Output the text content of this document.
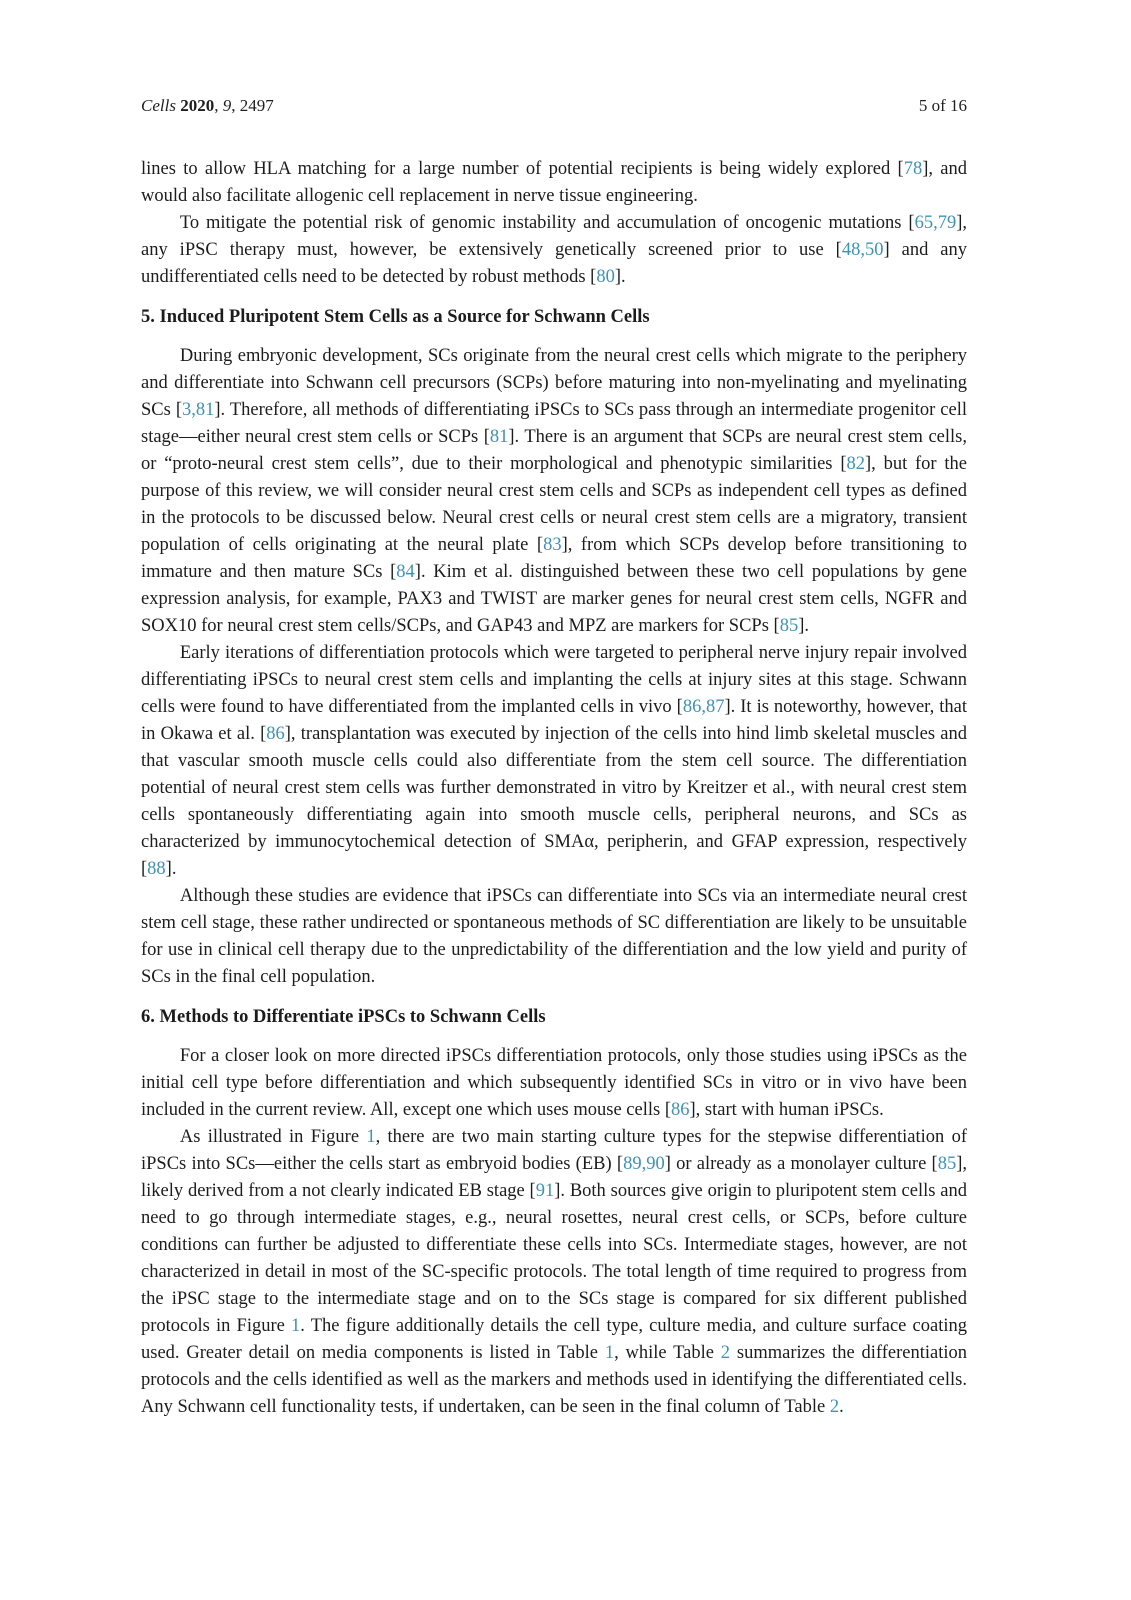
Cells 2020, 9, 2497	5 of 16

lines to allow HLA matching for a large number of potential recipients is being widely explored [78], and would also facilitate allogenic cell replacement in nerve tissue engineering.

To mitigate the potential risk of genomic instability and accumulation of oncogenic mutations [65,79], any iPSC therapy must, however, be extensively genetically screened prior to use [48,50] and any undifferentiated cells need to be detected by robust methods [80].

5. Induced Pluripotent Stem Cells as a Source for Schwann Cells

During embryonic development, SCs originate from the neural crest cells which migrate to the periphery and differentiate into Schwann cell precursors (SCPs) before maturing into non-myelinating and myelinating SCs [3,81]. Therefore, all methods of differentiating iPSCs to SCs pass through an intermediate progenitor cell stage—either neural crest stem cells or SCPs [81]. There is an argument that SCPs are neural crest stem cells, or “proto-neural crest stem cells”, due to their morphological and phenotypic similarities [82], but for the purpose of this review, we will consider neural crest stem cells and SCPs as independent cell types as defined in the protocols to be discussed below. Neural crest cells or neural crest stem cells are a migratory, transient population of cells originating at the neural plate [83], from which SCPs develop before transitioning to immature and then mature SCs [84]. Kim et al. distinguished between these two cell populations by gene expression analysis, for example, PAX3 and TWIST are marker genes for neural crest stem cells, NGFR and SOX10 for neural crest stem cells/SCPs, and GAP43 and MPZ are markers for SCPs [85].

Early iterations of differentiation protocols which were targeted to peripheral nerve injury repair involved differentiating iPSCs to neural crest stem cells and implanting the cells at injury sites at this stage. Schwann cells were found to have differentiated from the implanted cells in vivo [86,87]. It is noteworthy, however, that in Okawa et al. [86], transplantation was executed by injection of the cells into hind limb skeletal muscles and that vascular smooth muscle cells could also differentiate from the stem cell source. The differentiation potential of neural crest stem cells was further demonstrated in vitro by Kreitzer et al., with neural crest stem cells spontaneously differentiating again into smooth muscle cells, peripheral neurons, and SCs as characterized by immunocytochemical detection of SMAα, peripherin, and GFAP expression, respectively [88].

Although these studies are evidence that iPSCs can differentiate into SCs via an intermediate neural crest stem cell stage, these rather undirected or spontaneous methods of SC differentiation are likely to be unsuitable for use in clinical cell therapy due to the unpredictability of the differentiation and the low yield and purity of SCs in the final cell population.

6. Methods to Differentiate iPSCs to Schwann Cells

For a closer look on more directed iPSCs differentiation protocols, only those studies using iPSCs as the initial cell type before differentiation and which subsequently identified SCs in vitro or in vivo have been included in the current review. All, except one which uses mouse cells [86], start with human iPSCs.

As illustrated in Figure 1, there are two main starting culture types for the stepwise differentiation of iPSCs into SCs—either the cells start as embryoid bodies (EB) [89,90] or already as a monolayer culture [85], likely derived from a not clearly indicated EB stage [91]. Both sources give origin to pluripotent stem cells and need to go through intermediate stages, e.g., neural rosettes, neural crest cells, or SCPs, before culture conditions can further be adjusted to differentiate these cells into SCs. Intermediate stages, however, are not characterized in detail in most of the SC-specific protocols. The total length of time required to progress from the iPSC stage to the intermediate stage and on to the SCs stage is compared for six different published protocols in Figure 1. The figure additionally details the cell type, culture media, and culture surface coating used. Greater detail on media components is listed in Table 1, while Table 2 summarizes the differentiation protocols and the cells identified as well as the markers and methods used in identifying the differentiated cells. Any Schwann cell functionality tests, if undertaken, can be seen in the final column of Table 2.
